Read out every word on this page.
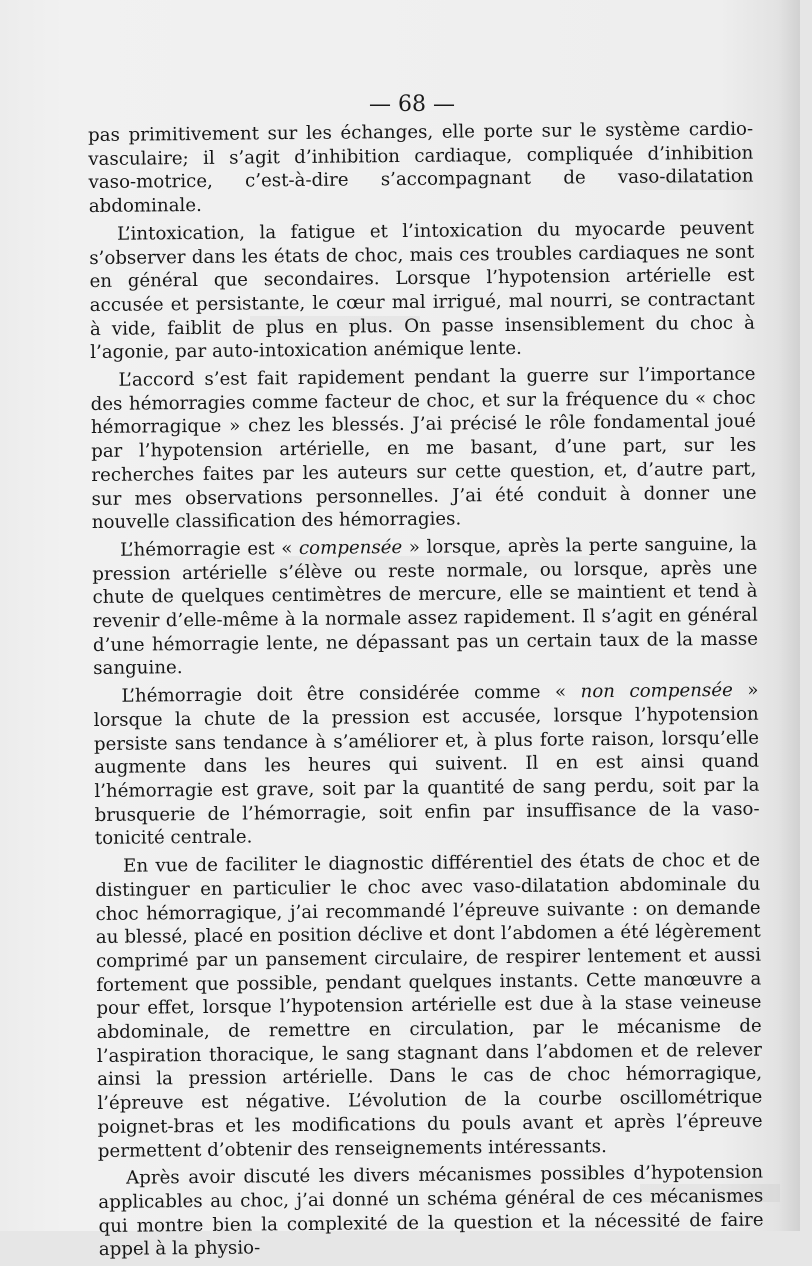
— 68 —

pas primitivement sur les échanges, elle porte sur le système cardio-vasculaire; il s’agit d’inhibition cardiaque, compliquée d’inhibition vaso-motrice, c’est-à-dire s’accompagnant de vaso-dilatation abdominale.

L’intoxication, la fatigue et l’intoxication du myocarde peuvent s’observer dans les états de choc, mais ces troubles cardiaques ne sont en général que secondaires. Lorsque l’hypotension artérielle est accusée et persistante, le cœur mal irrigué, mal nourri, se contractant à vide, faiblit de plus en plus. On passe insensiblement du choc à l’agonie, par auto-intoxication anémique lente.

L’accord s’est fait rapidement pendant la guerre sur l’importance des hémorragies comme facteur de choc, et sur la fréquence du « choc hémorragique » chez les blessés. J’ai précisé le rôle fondamental joué par l’hypotension artérielle, en me basant, d’une part, sur les recherches faites par les auteurs sur cette question, et, d’autre part, sur mes observations personnelles. J’ai été conduit à donner une nouvelle classification des hémorragies.

L’hémorragie est « compensée » lorsque, après la perte sanguine, la pression artérielle s’élève ou reste normale, ou lorsque, après une chute de quelques centimètres de mercure, elle se maintient et tend à revenir d’elle-même à la normale assez rapidement. Il s’agit en général d’une hémorragie lente, ne dépassant pas un certain taux de la masse sanguine.

L’hémorragie doit être considérée comme « non compensée » lorsque la chute de la pression est accusée, lorsque l’hypotension persiste sans tendance à s’améliorer et, à plus forte raison, lorsqu’elle augmente dans les heures qui suivent. Il en est ainsi quand l’hémorragie est grave, soit par la quantité de sang perdu, soit par la brusquerie de l’hémorragie, soit enfin par insuffisance de la vaso-tonicité centrale.

En vue de faciliter le diagnostic différentiel des états de choc et de distinguer en particulier le choc avec vaso-dilatation abdominale du choc hémorragique, j’ai recommandé l’épreuve suivante : on demande au blessé, placé en position déclive et dont l’abdomen a été légèrement comprimé par un pansement circulaire, de respirer lentement et aussi fortement que possible, pendant quelques instants. Cette manœuvre a pour effet, lorsque l’hypotension artérielle est due à la stase veineuse abdominale, de remettre en circulation, par le mécanisme de l’aspiration thoracique, le sang stagnant dans l’abdomen et de relever ainsi la pression artérielle. Dans le cas de choc hémorragique, l’épreuve est négative. L’évolution de la courbe oscillométrique poignet-bras et les modifications du pouls avant et après l’épreuve permettent d’obtenir des renseignements intéressants.

Après avoir discuté les divers mécanismes possibles d’hypotension applicables au choc, j’ai donné un schéma général de ces mécanismes qui montre bien la complexité de la question et la nécessité de faire appel à la physio-
